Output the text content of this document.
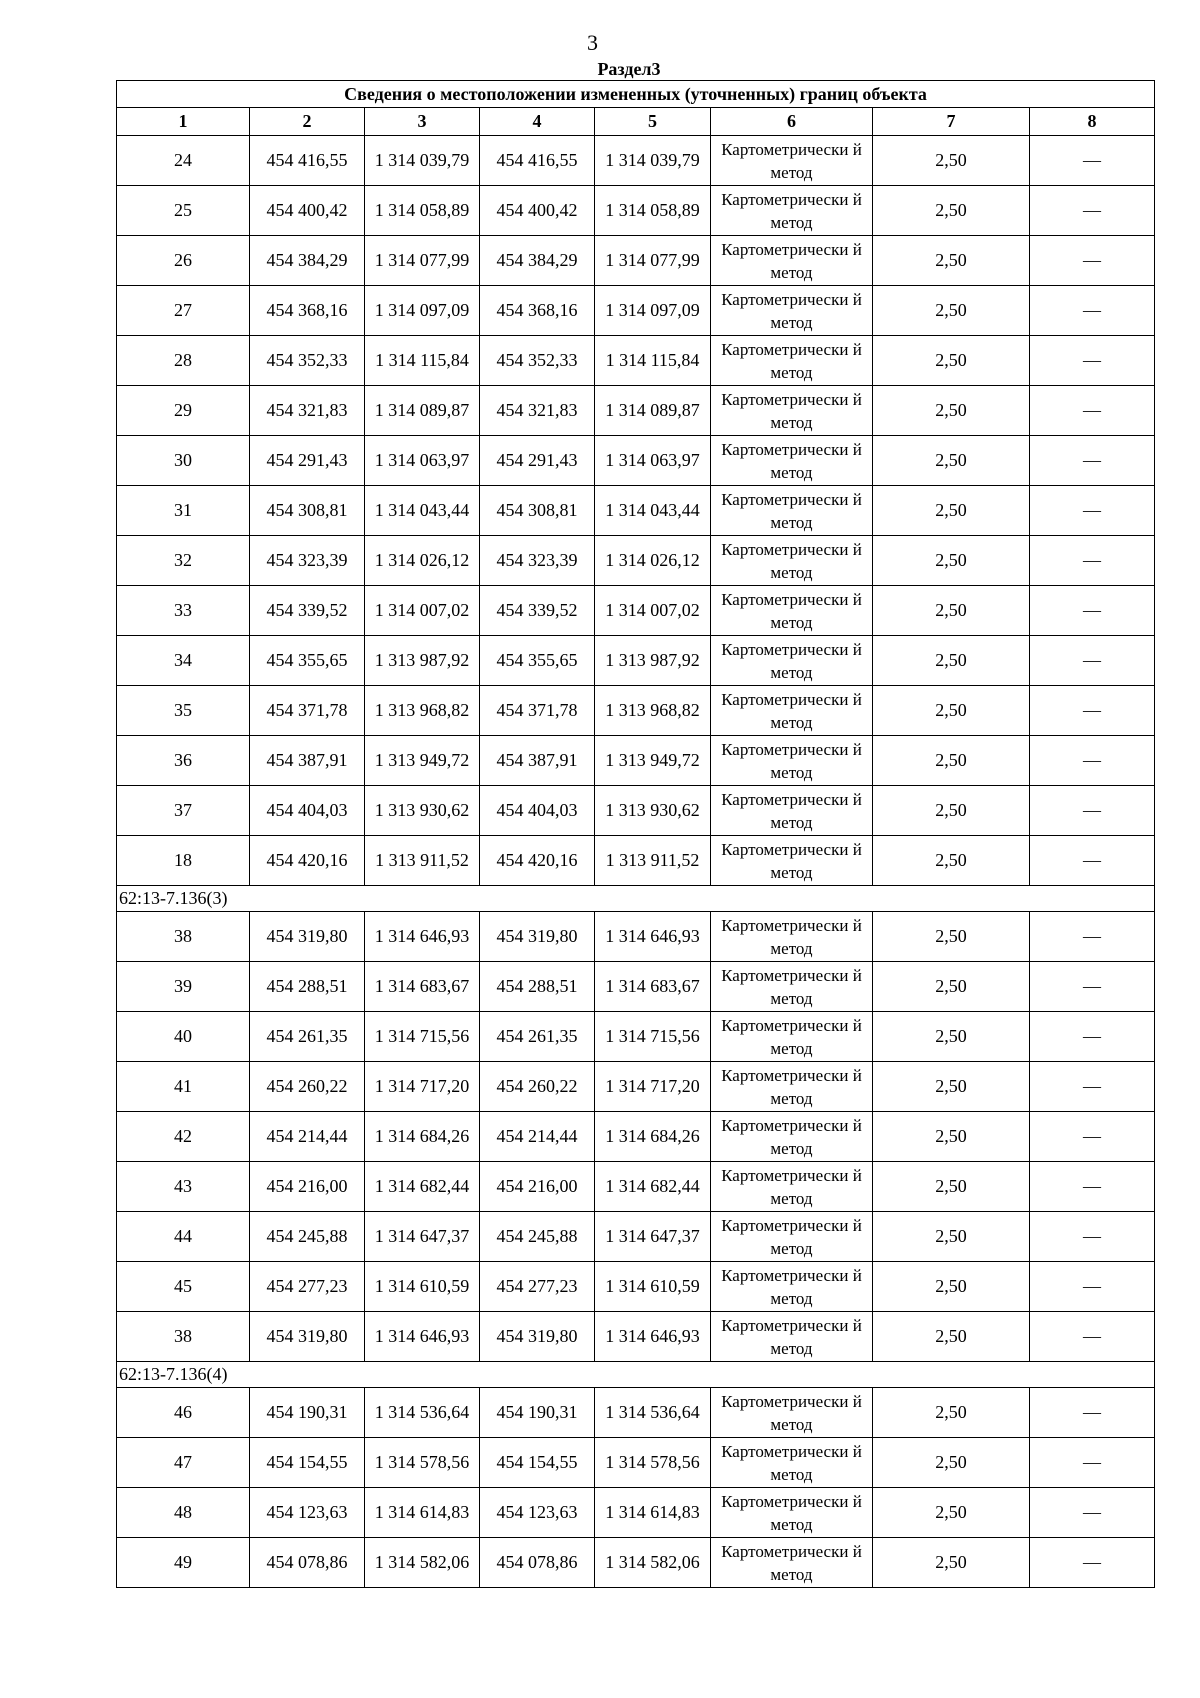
3
Раздел3
Сведения о местоположении измененных (уточненных) границ объекта							
1	2	3	4	5	6	7	8
24	454 416,55	1 314 039,79	454 416,55	1 314 039,79	Картометрически й метод	2,50	—
25	454 400,42	1 314 058,89	454 400,42	1 314 058,89	Картометрически й метод	2,50	—
26	454 384,29	1 314 077,99	454 384,29	1 314 077,99	Картометрически й метод	2,50	—
27	454 368,16	1 314 097,09	454 368,16	1 314 097,09	Картометрически й метод	2,50	—
28	454 352,33	1 314 115,84	454 352,33	1 314 115,84	Картометрически й метод	2,50	—
29	454 321,83	1 314 089,87	454 321,83	1 314 089,87	Картометрически й метод	2,50	—
30	454 291,43	1 314 063,97	454 291,43	1 314 063,97	Картометрически й метод	2,50	—
31	454 308,81	1 314 043,44	454 308,81	1 314 043,44	Картометрически й метод	2,50	—
32	454 323,39	1 314 026,12	454 323,39	1 314 026,12	Картометрически й метод	2,50	—
33	454 339,52	1 314 007,02	454 339,52	1 314 007,02	Картометрически й метод	2,50	—
34	454 355,65	1 313 987,92	454 355,65	1 313 987,92	Картометрически й метод	2,50	—
35	454 371,78	1 313 968,82	454 371,78	1 313 968,82	Картометрически й метод	2,50	—
36	454 387,91	1 313 949,72	454 387,91	1 313 949,72	Картометрически й метод	2,50	—
37	454 404,03	1 313 930,62	454 404,03	1 313 930,62	Картометрически й метод	2,50	—
18	454 420,16	1 313 911,52	454 420,16	1 313 911,52	Картометрически й метод	2,50	—
62:13-7.136(3)							
38	454 319,80	1 314 646,93	454 319,80	1 314 646,93	Картометрически й метод	2,50	—
39	454 288,51	1 314 683,67	454 288,51	1 314 683,67	Картометрически й метод	2,50	—
40	454 261,35	1 314 715,56	454 261,35	1 314 715,56	Картометрически й метод	2,50	—
41	454 260,22	1 314 717,20	454 260,22	1 314 717,20	Картометрически й метод	2,50	—
42	454 214,44	1 314 684,26	454 214,44	1 314 684,26	Картометрически й метод	2,50	—
43	454 216,00	1 314 682,44	454 216,00	1 314 682,44	Картометрически й метод	2,50	—
44	454 245,88	1 314 647,37	454 245,88	1 314 647,37	Картометрически й метод	2,50	—
45	454 277,23	1 314 610,59	454 277,23	1 314 610,59	Картометрически й метод	2,50	—
38	454 319,80	1 314 646,93	454 319,80	1 314 646,93	Картометрически й метод	2,50	—
62:13-7.136(4)							
46	454 190,31	1 314 536,64	454 190,31	1 314 536,64	Картометрически й метод	2,50	—
47	454 154,55	1 314 578,56	454 154,55	1 314 578,56	Картометрически й метод	2,50	—
48	454 123,63	1 314 614,83	454 123,63	1 314 614,83	Картометрически й метод	2,50	—
49	454 078,86	1 314 582,06	454 078,86	1 314 582,06	Картометрически й метод	2,50	—
